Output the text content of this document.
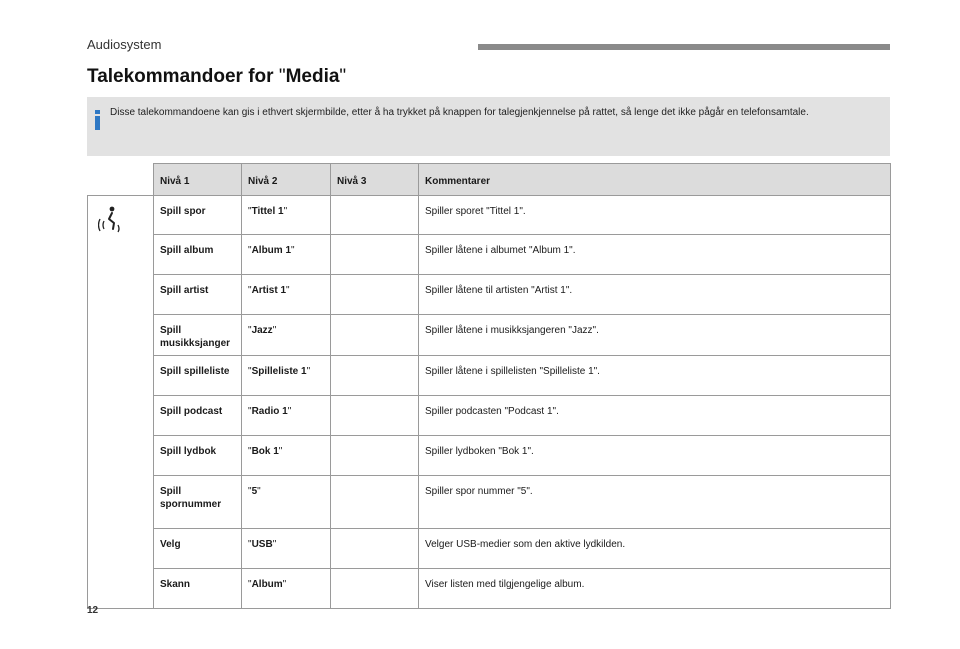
Audiosystem
Talekommandoer for "Media"
Disse talekommandoene kan gis i ethvert skjermbilde, etter å ha trykket på knappen for talegjenkjennelse på rattet, så lenge det ikke pågår en telefonsamtale.
	Nivå 1	Nivå 2	Nivå 3	Kommentarer
	Spill spor	"Tittel 1"		Spiller sporet "Tittel 1".
	Spill album	"Album 1"		Spiller låtene i albumet "Album 1".
	Spill artist	"Artist 1"		Spiller låtene til artisten "Artist 1".
	Spill musikksjanger	"Jazz"		Spiller låtene i musikksjangeren "Jazz".
	Spill spilleliste	"Spilleliste 1"		Spiller låtene i spillelisten "Spilleliste 1".
	Spill podcast	"Radio 1"		Spiller podcasten "Podcast 1".
	Spill lydbok	"Bok 1"		Spiller lydboken "Bok 1".
	Spill spornummer	"5"		Spiller spor nummer "5".
	Velg	"USB"		Velger USB-medier som den aktive lydkilden.
	Skann	"Album"		Viser listen med tilgjengelige album.
12
